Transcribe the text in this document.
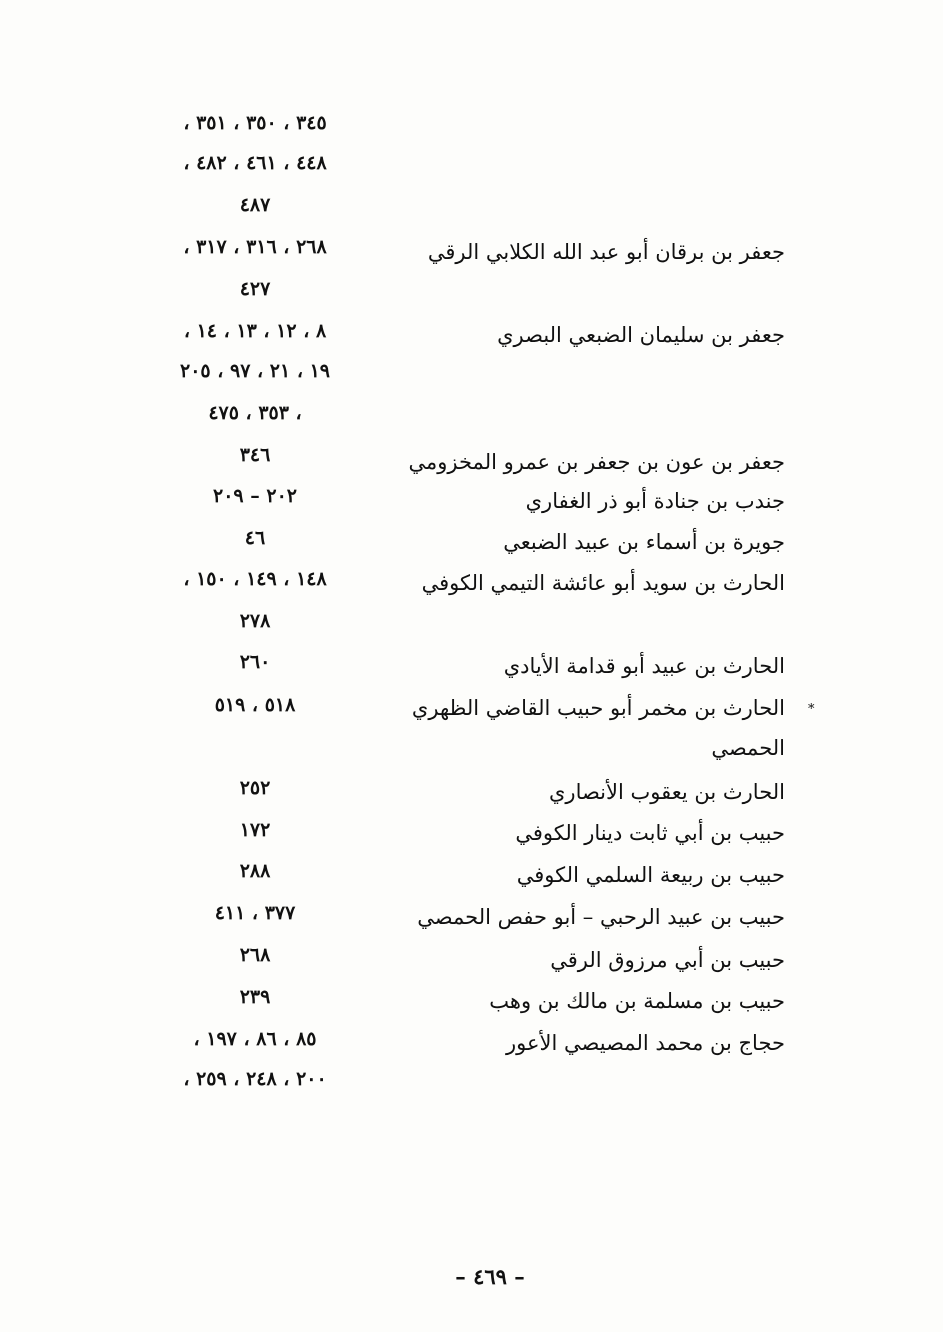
٣٤٥ ، ٣٥٠ ، ٣٥١ ،
٤٤٨ ، ٤٦١ ، ٤٨٢ ،
٤٨٧
جعفر بن برقان أبو عبد الله الكلابي الرقي
٢٦٨ ، ٣١٦ ، ٣١٧ ،
٤٢٧
جعفر بن سليمان الضبعي البصري
٨ ، ١٢ ، ١٣ ، ١٤ ،
١٩ ، ٢١ ، ٩٧ ، ٢٠٥
، ٣٥٣ ، ٤٧٥
جعفر بن عون بن جعفر بن عمرو المخزومي
٣٤٦
جندب بن جنادة أبو ذر الغفاري
٢٠٢ – ٢٠٩
جويرة بن أسماء بن عبيد الضبعي
٤٦
الحارث بن سويد أبو عائشة التيمي الكوفي
١٤٨ ، ١٤٩ ، ١٥٠ ،
٢٧٨
الحارث بن عبيد أبو قدامة الأيادي
٢٦٠
*
الحارث بن مخمر أبو حبيب القاضي الظهري
الحمصي
٥١٨ ، ٥١٩
الحارث بن يعقوب الأنصاري
٢٥٢
حبيب بن أبي ثابت دينار الكوفي
١٧٢
حبيب بن ربيعة السلمي الكوفي
٢٨٨
حبيب بن عبيد الرحبي – أبو حفص الحمصي
٣٧٧ ، ٤١١
حبيب بن أبي مرزوق الرقي
٢٦٨
حبيب بن مسلمة بن مالك بن وهب
٢٣٩
حجاج بن محمد المصيصي الأعور
٨٥ ، ٨٦ ، ١٩٧ ،
٢٠٠ ، ٢٤٨ ، ٢٥٩ ،
– ٤٦٩ –
